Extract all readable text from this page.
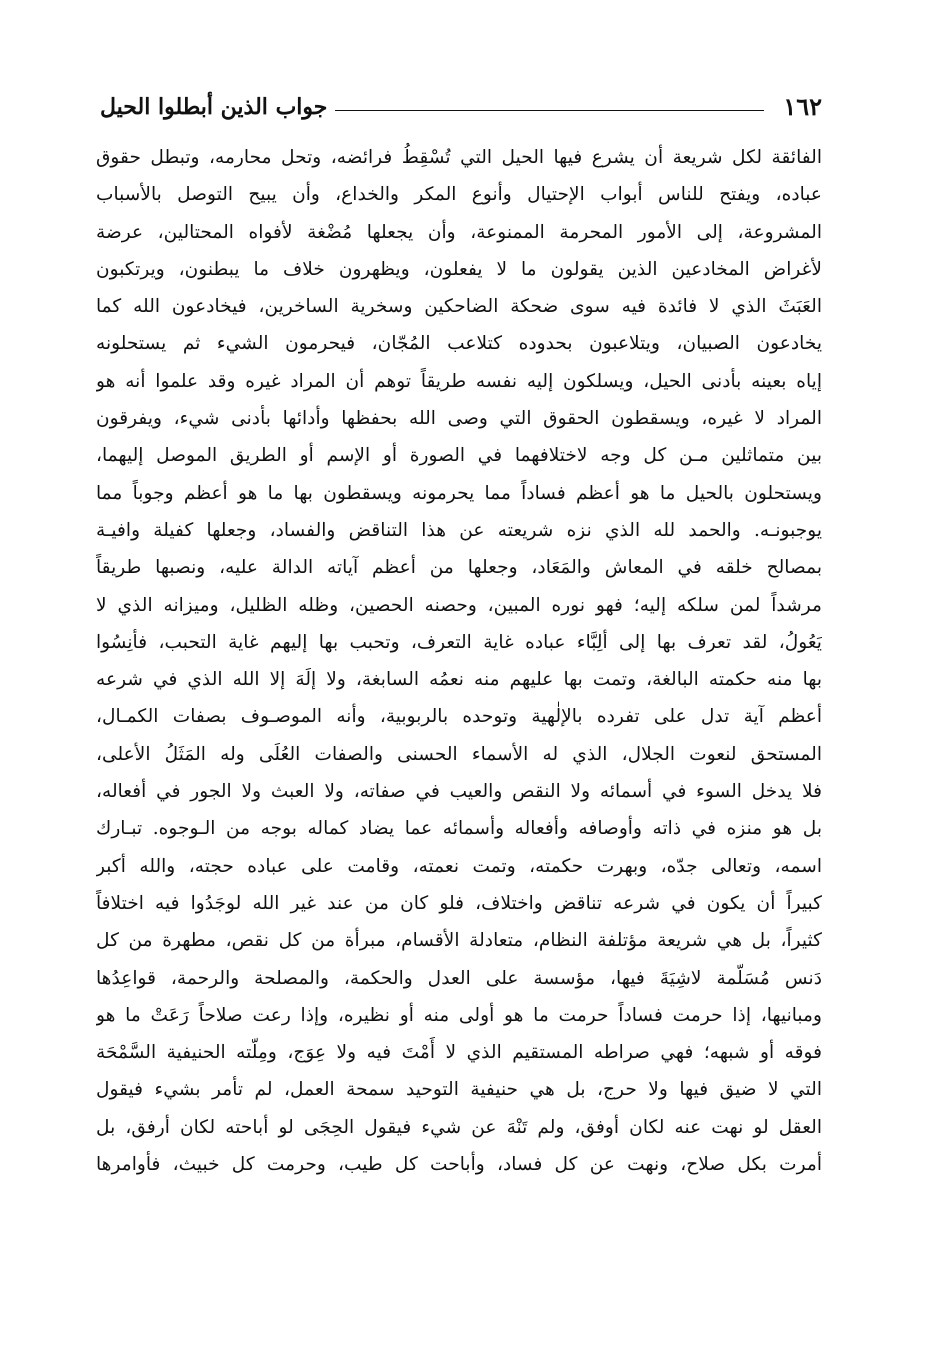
١٦٢
جواب الذين أبطلوا الحيل
الفائقة لكل شريعة أن يشرع فيها الحيل التي تُسْقِطُ فرائضه، وتحل محارمه، وتبطل حقوق
عباده، ويفتح للناس أبواب الإحتيال وأنوع المكر والخداع، وأن يبيح التوصل بالأسباب
المشروعة، إلى الأمور المحرمة الممنوعة، وأن يجعلها مُضْغة لأفواه المحتالين، عرضة
لأغراض المخادعين الذين يقولون ما لا يفعلون، ويظهرون خلاف ما يبطنون، ويرتكبون
العَبَثَ الذي لا فائدة فيه سوى ضحكة الضاحكين وسخرية الساخرين، فيخادعون الله كما
يخادعون الصبيان، ويتلاعبون بحدوده كتلاعب المُجّان، فيحرمون الشيء ثم يستحلونه
إياه بعينه بأدنى الحيل، ويسلكون إليه نفسه طريقاً توهم أن المراد غيره وقد علموا أنه هو
المراد لا غيره، ويسقطون الحقوق التي وصى الله بحفظها وأدائها بأدنى شيء، ويفرقون
بين متماثلين مـن كل وجه لاختلافهما في الصورة أو الإسم أو الطريق الموصل إليهما،
ويستحلون بالحيل ما هو أعظم فساداً مما يحرمونه ويسقطون بها ما هو أعظم وجوباً مما
يوجبونـه. والحمد لله الذي نزه شريعته عن هذا التناقض والفساد، وجعلها كفيلة وافيـة
بمصالح خلقه في المعاش والمَعَاد، وجعلها من أعظم آياته الدالة عليه، ونصبها طريقاً
مرشداً لمن سلكه إليه؛ فهو نوره المبين، وحصنه الحصين، وظله الظليل، وميزانه الذي لا
يَعُولُ، لقد تعرف بها إلى ألِبَّاء عباده غاية التعرف، وتحبب بها إليهم غاية التحبب، فأنِسُوا
بها منه حكمته البالغة، وتمت بها عليهم منه نعمُه السابغة، ولا إلَهَ إلا الله الذي في شرعه
أعظم آية تدل على تفرده بالإلٰهية وتوحده بالربوبية، وأنه الموصـوف بصفات الكمـال،
المستحق لنعوت الجلال، الذي له الأسماء الحسنى والصفات العُلَى وله المَثَلُ الأعلى،
فلا يدخل السوء في أسمائه ولا النقص والعيب في صفاته، ولا العبث ولا الجور في أفعاله،
بل هو منزه في ذاته وأوصافه وأفعاله وأسمائه عما يضاد كماله بوجه من الـوجوه. تبـارك
اسمه، وتعالى جدّه، وبهرت حكمته، وتمت نعمته، وقامت على عباده حجته، والله أكبر
كبيراً أن يكون في شرعه تناقض واختلاف، فلو كان من عند غير الله لوجَدُوا فيه اختلافاً
كثيراً، بل هي شريعة مؤتلفة النظام، متعادلة الأقسام، مبرأة من كل نقص، مطهرة من كل
دَنس مُسَلّمة لاشِيَةَ فيها، مؤسسة على العدل والحكمة، والمصلحة والرحمة، قواعِدُها
ومبانيها، إذا حرمت فساداً حرمت ما هو أولى منه أو نظيره، وإذا رعت صلاحاً رَعَتْ ما هو
فوقه أو شبهه؛ فهي صراطه المستقيم الذي لا أَمْتَ فيه ولا عِوَج، ومِلّته الحنيفية السَّمْحَة
التي لا ضيق فيها ولا حرج، بل هي حنيفية التوحيد سمحة العمل، لم تأمر بشيء فيقول
العقل لو نهت عنه لكان أوفق، ولم تَنْهَ عن شيء فيقول الحِجَى لو أباحته لكان أرفق، بل
أمرت بكل صلاح، ونهت عن كل فساد، وأباحت كل طيب، وحرمت كل خبيث، فأوامرها
